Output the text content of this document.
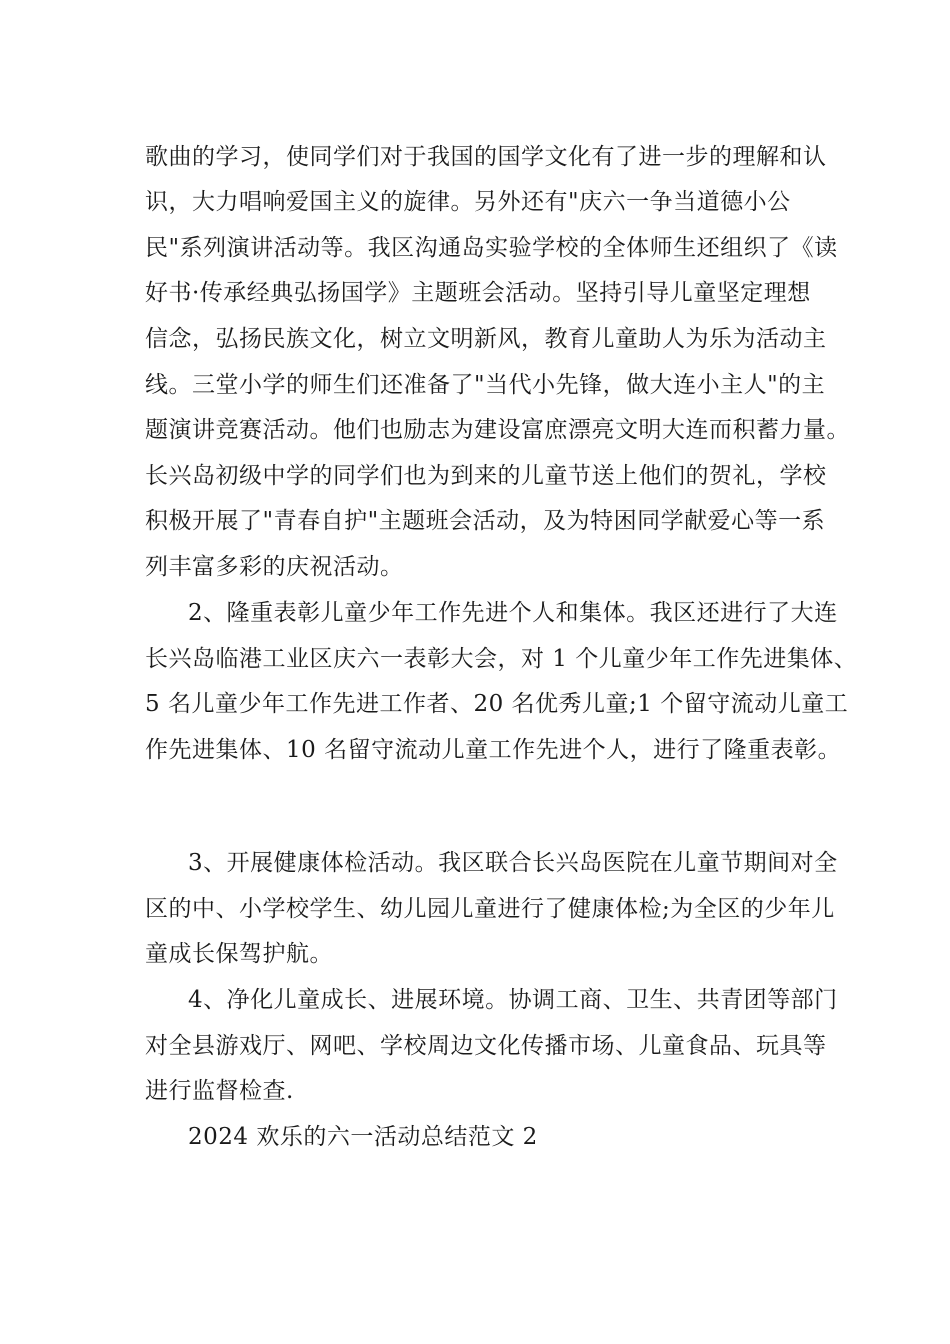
歌曲的学习，使同学们对于我国的国学文化有了进一步的理解和认
识，大力唱响爱国主义的旋律。另外还有"庆六一争当道德小公
民"系列演讲活动等。我区沟通岛实验学校的全体师生还组织了《读
好书·传承经典弘扬国学》主题班会活动。坚持引导儿童坚定理想
信念，弘扬民族文化，树立文明新风，教育儿童助人为乐为活动主
线。三堂小学的师生们还准备了"当代小先锋，做大连小主人"的主
题演讲竞赛活动。他们也励志为建设富庶漂亮文明大连而积蓄力量。
长兴岛初级中学的同学们也为到来的儿童节送上他们的贺礼，学校
积极开展了"青春自护"主题班会活动，及为特困同学献爱心等一系
列丰富多彩的庆祝活动。
2、隆重表彰儿童少年工作先进个人和集体。我区还进行了大连
长兴岛临港工业区庆六一表彰大会，对 1 个儿童少年工作先进集体、
5 名儿童少年工作先进工作者、20 名优秀儿童;1 个留守流动儿童工
作先进集体、10 名留守流动儿童工作先进个人，进行了隆重表彰。
3、开展健康体检活动。我区联合长兴岛医院在儿童节期间对全
区的中、小学校学生、幼儿园儿童进行了健康体检;为全区的少年儿
童成长保驾护航。
4、净化儿童成长、进展环境。协调工商、卫生、共青团等部门
对全县游戏厅、网吧、学校周边文化传播市场、儿童食品、玩具等
进行监督检查.
2024 欢乐的六一活动总结范文 2
